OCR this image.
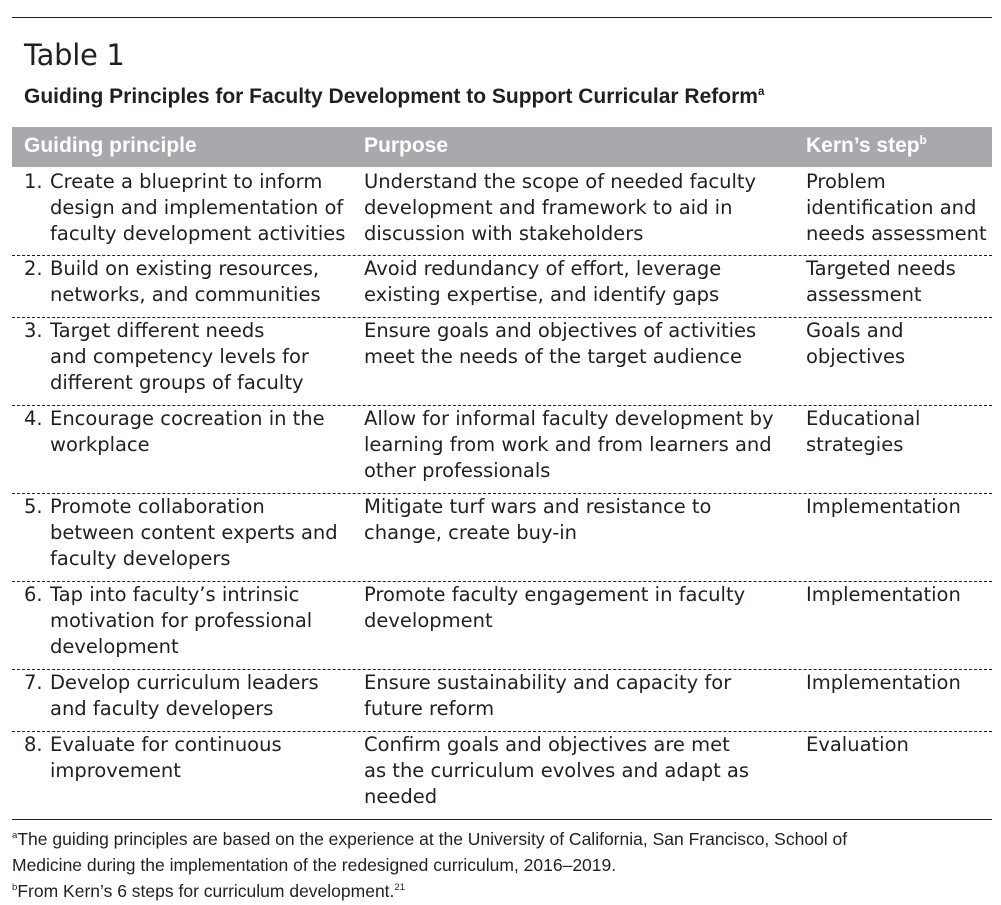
Table 1
Guiding Principles for Faculty Development to Support Curricular Reform$^a$
Guiding principle	Purpose	Kern’s step$^b$
1. Create a blueprint to inform
design and implementation of
faculty development activities
Understand the scope of needed faculty
development and framework to aid in
discussion with stakeholders
Problem
identification and
needs assessment
2. Build on existing resources,
networks, and communities
Avoid redundancy of effort, leverage
existing expertise, and identify gaps
Targeted needs
assessment
3. Target different needs
and competency levels for
different groups of faculty
Ensure goals and objectives of activities
meet the needs of the target audience
Goals and
objectives
4. Encourage cocreation in the
workplace
Allow for informal faculty development by
learning from work and from learners and
other professionals
Educational
strategies
5. Promote collaboration
between content experts and
faculty developers
Mitigate turf wars and resistance to
change, create buy-in
Implementation
6. Tap into faculty’s intrinsic
motivation for professional
development
Promote faculty engagement in faculty
development
Implementation
7. Develop curriculum leaders
and faculty developers
Ensure sustainability and capacity for
future reform
Implementation
8. Evaluate for continuous
improvement
Confirm goals and objectives are met
as the curriculum evolves and adapt as
needed
Evaluation
$^a$The guiding principles are based on the experience at the University of California, San Francisco, School of
Medicine during the implementation of the redesigned curriculum, 2016–2019.
$^b$From Kern’s 6 steps for curriculum development.$^{21}$
